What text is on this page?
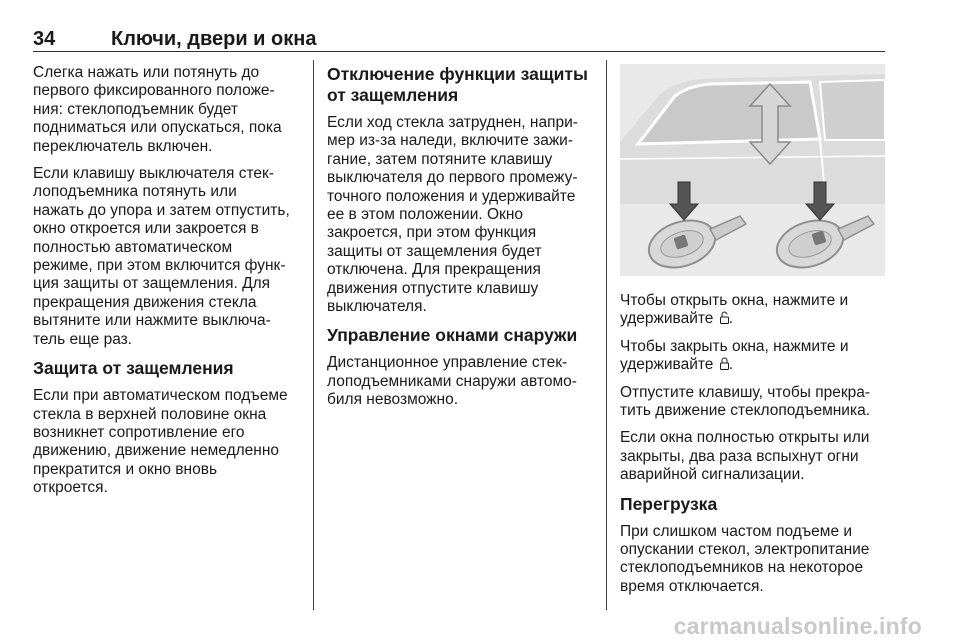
34	Ключи, двери и окна

Слегка нажать или потянуть до
первого фиксированного положе-
ния: стеклоподъемник будет
подниматься или опускаться, пока
переключатель включен.

Если клавишу выключателя стек-
лоподъемника потянуть или
нажать до упора и затем отпустить,
окно откроется или закроется в
полностью автоматическом
режиме, при этом включится функ-
ция защиты от защемления. Для
прекращения движения стекла
вытяните или нажмите выключа-
тель еще раз.

Защита от защемления

Если при автоматическом подъеме
стекла в верхней половине окна
возникнет сопротивление его
движению, движение немедленно
прекратится и окно вновь
откроется.

Отключение функции защиты
от защемления

Если ход стекла затруднен, напри-
мер из-за наледи, включите зажи-
гание, затем потяните клавишу
выключателя до первого промежу-
точного положения и удерживайте
ее в этом положении. Окно
закроется, при этом функция
защиты от защемления будет
отключена. Для прекращения
движения отпустите клавишу
выключателя.

Управление окнами снаружи

Дистанционное управление стек-
лоподъемниками снаружи автомо-
биля невозможно.

Чтобы открыть окна, нажмите и
удерживайте .

Чтобы закрыть окна, нажмите и
удерживайте .

Отпустите клавишу, чтобы прекра-
тить движение стеклоподъемника.

Если окна полностью открыты или
закрыты, два раза вспыхнут огни
аварийной сигнализации.

Перегрузка

При слишком частом подъеме и
опускании стекол, электропитание
стеклоподъемников на некоторое
время отключается.

carmanualsonline.info
